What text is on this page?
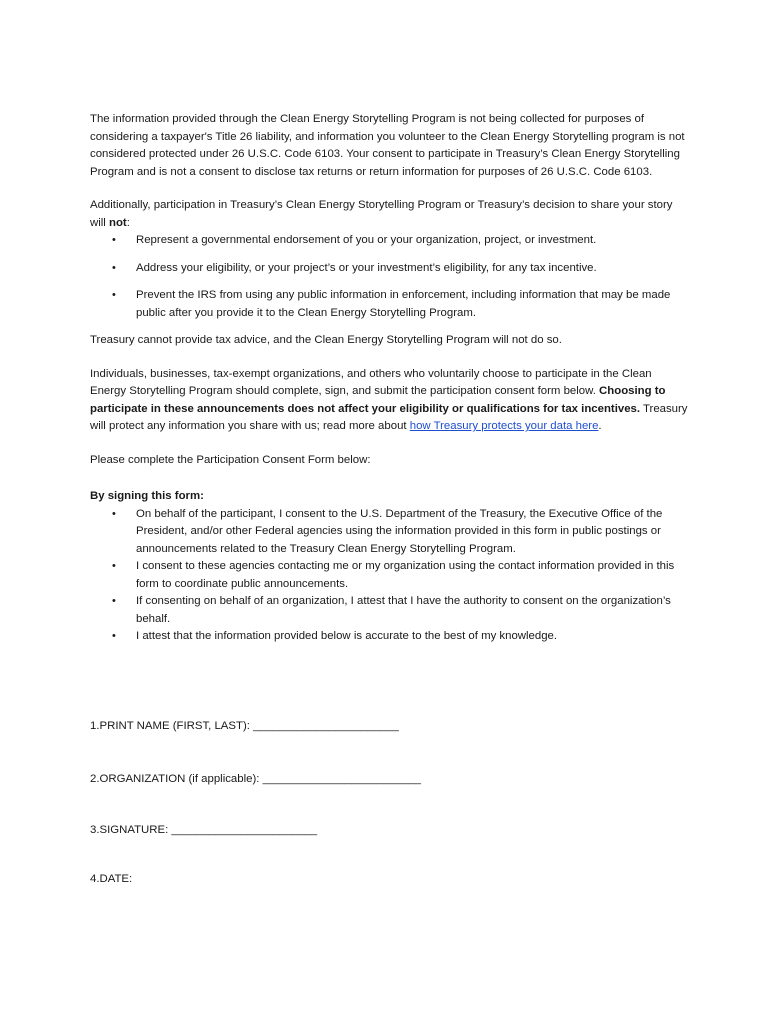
The information provided through the Clean Energy Storytelling Program is not being collected for purposes of considering a taxpayer's Title 26 liability, and information you volunteer to the Clean Energy Storytelling program is not considered protected under 26 U.S.C. Code 6103. Your consent to participate in Treasury’s Clean Energy Storytelling Program and is not a consent to disclose tax returns or return information for purposes of 26 U.S.C. Code 6103.

Additionally, participation in Treasury’s Clean Energy Storytelling Program or Treasury’s decision to share your story will not:

• Represent a governmental endorsement of you or your organization, project, or investment.
• Address your eligibility, or your project’s or your investment’s eligibility, for any tax incentive.
• Prevent the IRS from using any public information in enforcement, including information that may be made public after you provide it to the Clean Energy Storytelling Program.

Treasury cannot provide tax advice, and the Clean Energy Storytelling Program will not do so.

Individuals, businesses, tax-exempt organizations, and others who voluntarily choose to participate in the Clean Energy Storytelling Program should complete, sign, and submit the participation consent form below. Choosing to participate in these announcements does not affect your eligibility or qualifications for tax incentives. Treasury will protect any information you share with us; read more about how Treasury protects your data here.

Please complete the Participation Consent Form below:

By signing this form:

• On behalf of the participant, I consent to the U.S. Department of the Treasury, the Executive Office of the President, and/or other Federal agencies using the information provided in this form in public postings or announcements related to the Treasury Clean Energy Storytelling Program.
• I consent to these agencies contacting me or my organization using the contact information provided in this form to coordinate public announcements.
• If consenting on behalf of an organization, I attest that I have the authority to consent on the organization’s behalf.
• I attest that the information provided below is accurate to the best of my knowledge.
1.PRINT NAME (FIRST, LAST): _______________________
2.ORGANIZATION (if applicable): _________________________
3.SIGNATURE: _______________________
4.DATE:
